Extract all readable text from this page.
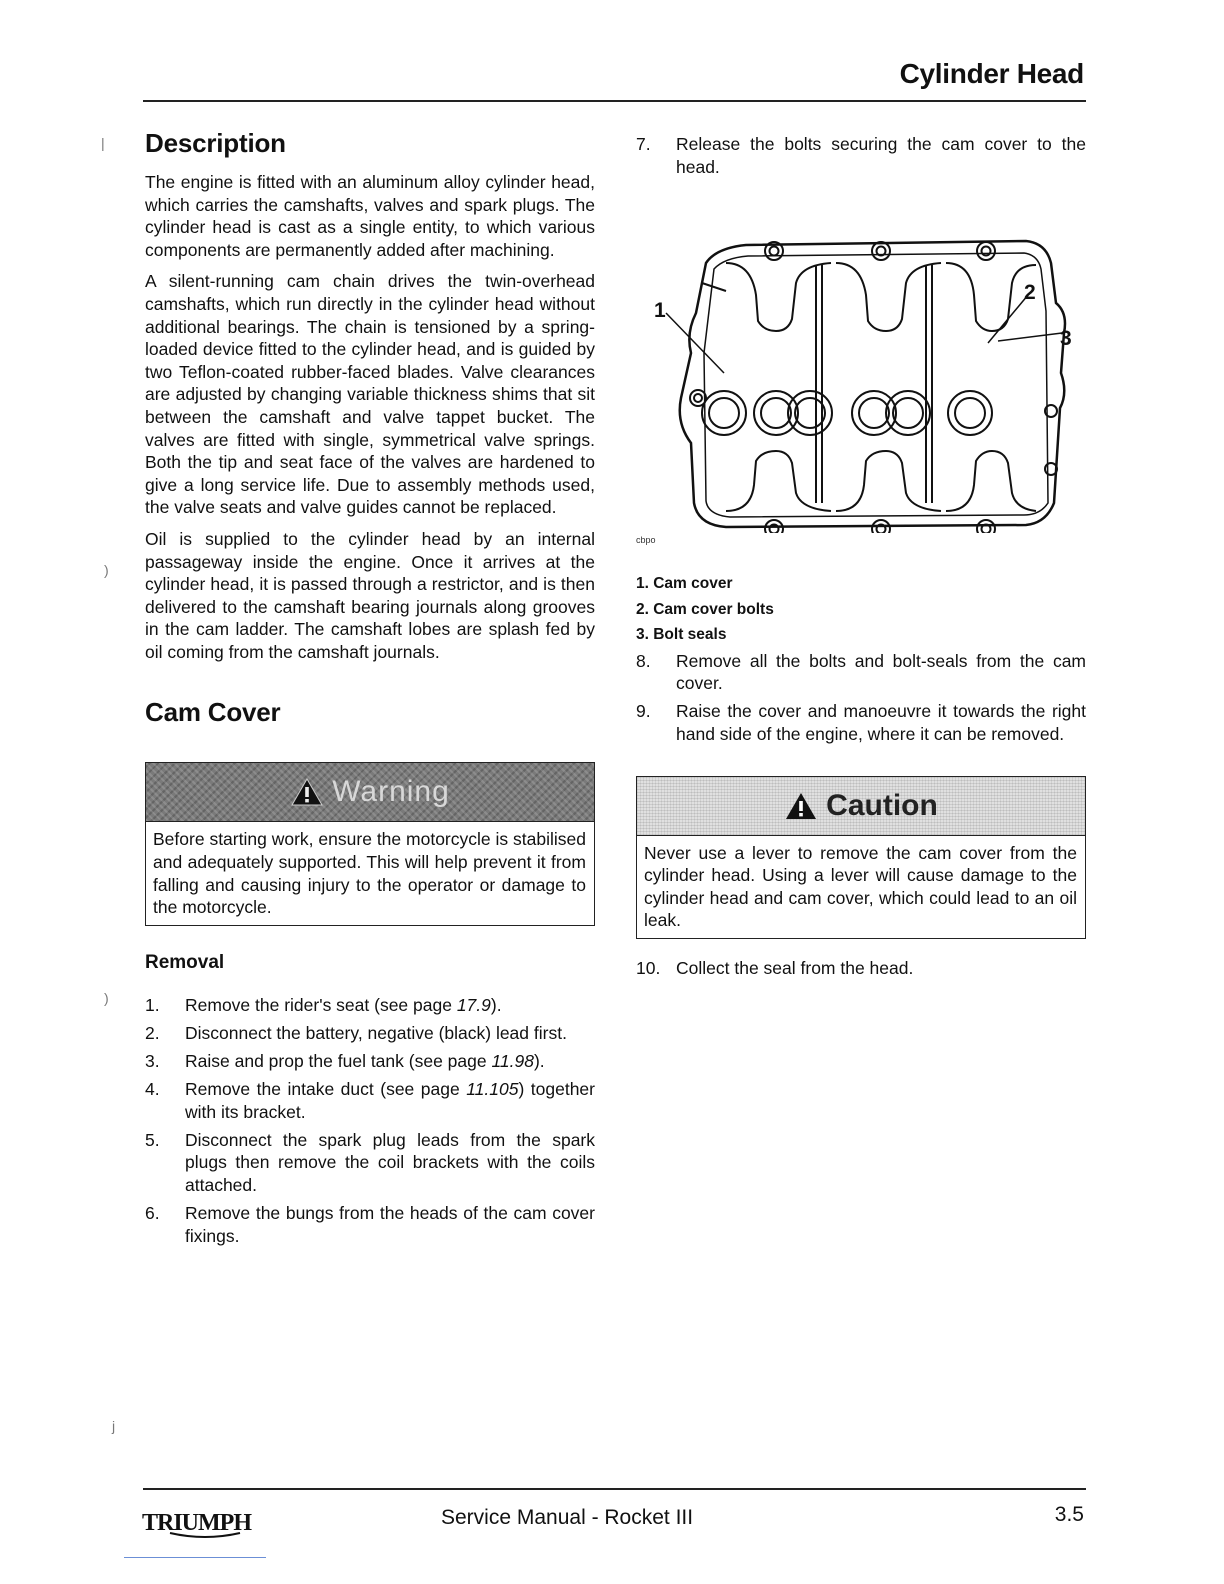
Cylinder Head
|
)
)
j
Description

The engine is fitted with an aluminum alloy cylinder head, which carries the camshafts, valves and spark plugs. The cylinder head is cast as a single entity, to which various components are permanently added after machining.

A silent-running cam chain drives the twin-overhead camshafts, which run directly in the cylinder head without additional bearings. The chain is tensioned by a spring-loaded device fitted to the cylinder head, and is guided by two Teflon-coated rubber-faced blades. Valve clearances are adjusted by changing variable thickness shims that sit between the camshaft and valve tappet bucket. The valves are fitted with single, symmetrical valve springs. Both the tip and seat face of the valves are hardened to give a long service life. Due to assembly methods used, the valve seats and valve guides cannot be replaced.

Oil is supplied to the cylinder head by an internal passageway inside the engine. Once it arrives at the cylinder head, it is passed through a restrictor, and is then delivered to the camshaft bearing journals along grooves in the cam ladder. The camshaft lobes are splash fed by oil coming from the camshaft journals.

Cam Cover
Warning
Before starting work, ensure the motorcycle is stabilised and adequately supported. This will help prevent it from falling and causing injury to the operator or damage to the motorcycle.
Removal
1. Remove the rider's seat (see page 17.9).
2. Disconnect the battery, negative (black) lead first.
3. Raise and prop the fuel tank (see page 11.98).
4. Remove the intake duct (see page 11.105) together with its bracket.
5. Disconnect the spark plug leads from the spark plugs then remove the coil brackets with the coils attached.
6. Remove the bungs from the heads of the cam cover fixings.
7. Release the bolts securing the cam cover to the head.
1
2
3
cbpo
1. Cam cover
2. Cam cover bolts
3. Bolt seals
8. Remove all the bolts and bolt-seals from the cam cover.
9. Raise the cover and manoeuvre it towards the right hand side of the engine, where it can be removed.
Caution
Never use a lever to remove the cam cover from the cylinder head. Using a lever will cause damage to the cylinder head and cam cover, which could lead to an oil leak.
10. Collect the seal from the head.
TRIUMPH	Service Manual - Rocket III	3.5
